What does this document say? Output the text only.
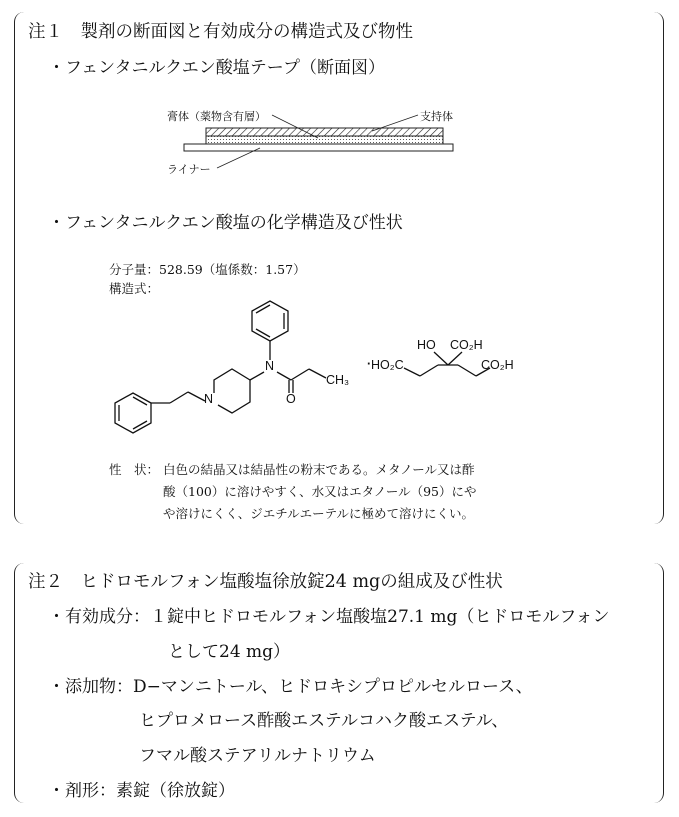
注１　製剤の断面図と有効成分の構造式及び物性
・フェンタニルクエン酸塩テープ（断面図）
膏体（薬物含有層）	支持体
ライナー
・フェンタニルクエン酸塩の化学構造及び性状
分子量：528.59（塩係数：1.57）
構造式：
N
N	O
CH₃
· HO₂C
HO CO₂H
CO₂H
性　状： 白色の結晶又は結晶性の粉末である。メタノール又は酢
酸（100）に溶けやすく、水又はエタノール（95）にや
や溶けにくく、ジエチルエーテルに極めて溶けにくい。
注２　ヒドロモルフォン塩酸塩徐放錠24 mgの組成及び性状
・有効成分：１錠中ヒドロモルフォン塩酸塩27.1 mg（ヒドロモルフォン
として24 mg）
・添加物：D−マンニトール、ヒドロキシプロピルセルロース、
ヒプロメロース酢酸エステルコハク酸エステル、
フマル酸ステアリルナトリウム
・剤形：素錠（徐放錠）
